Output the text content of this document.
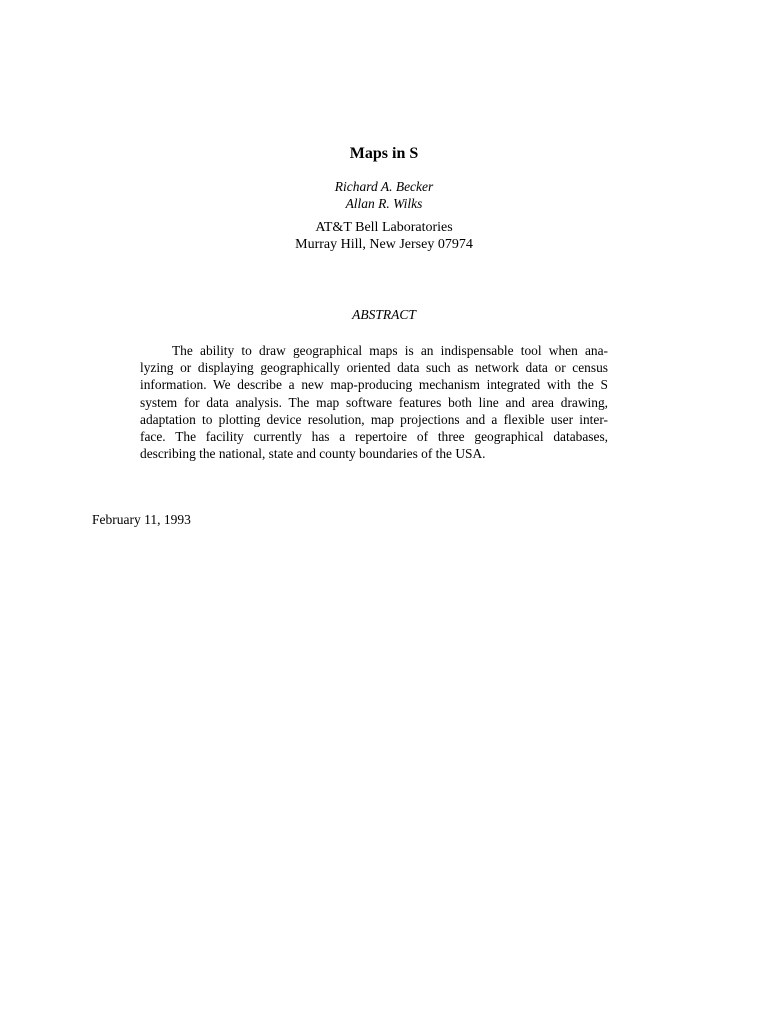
Maps in S
Richard A. Becker
Allan R. Wilks
AT&T Bell Laboratories
Murray Hill, New Jersey 07974
ABSTRACT
The ability to draw geographical maps is an indispensable tool when ana-
lyzing or displaying geographically oriented data such as network data or census
information. We describe a new map-producing mechanism integrated with the S
system for data analysis. The map software features both line and area drawing,
adaptation to plotting device resolution, map projections and a flexible user inter-
face. The facility currently has a repertoire of three geographical databases,
describing the national, state and county boundaries of the USA.
February 11, 1993
